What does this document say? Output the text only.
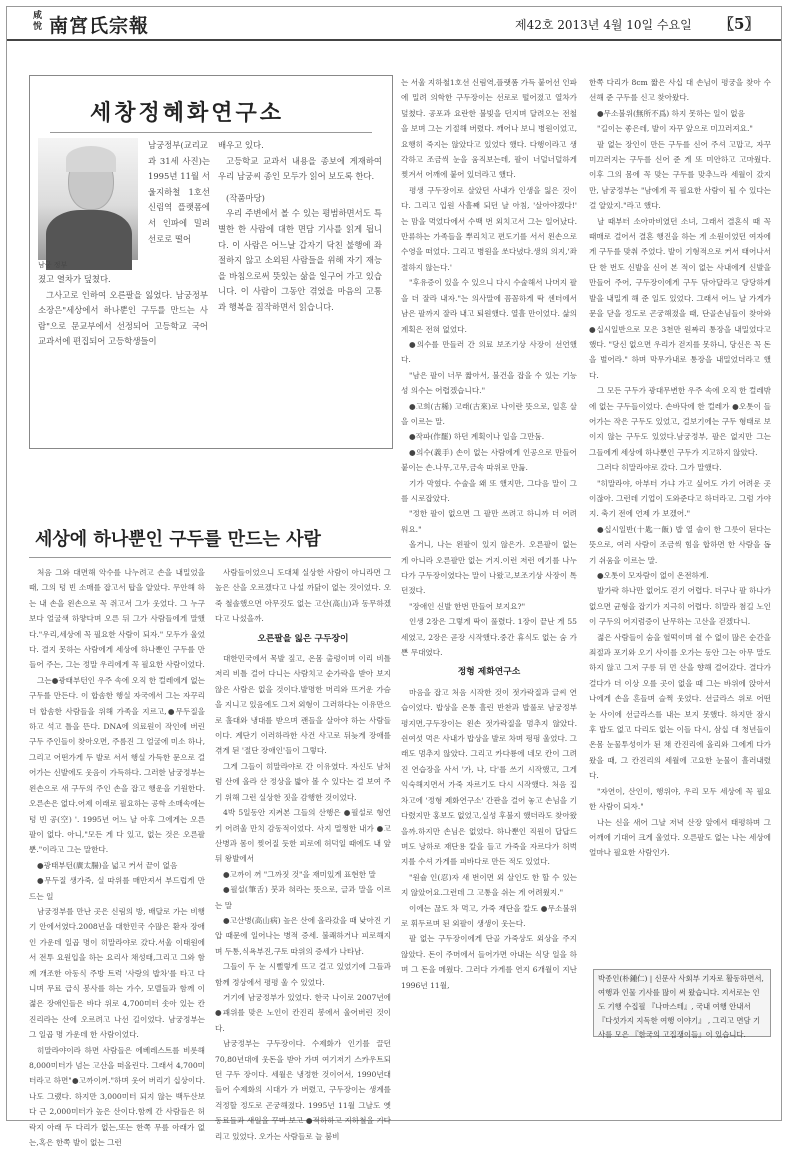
咸悅 南宮氏宗報	제42호 2013년 4월 10일 수요일 〖5〗
세창정혜화연구소
남궁 정부

남궁정부(교리교과 31세 사진)는 1995년 11월 서울지하철 1호선 신림역 플랫폼에서 인파에 밀려 선로로 떨어

졌고 열차가 덮쳤다.

그사고로 인하여 오른팔을 잃었다. 남궁정부 소장은"세상에서 하나뿐인 구두를 만드는 사람"으로 문교부에서 선정되어 고등학교 국어 교과서에 편집되어 고등학생들이

배우고 있다.

고등학교 교과서 내용을 종보에 게재하여 우리 남궁씨 종인 모두가 읽어 보도록 한다.

(작품마당)

우리 주변에서 볼 수 있는 평범하면서도 특별한 한 사람에 대한 면담 기사를 읽게 됩니다. 이 사람은 어느날 갑자기 닥친 불행에 좌절하지 않고 소외된 사람들을 위해 자기 재능을 바침으로써 뜻있는 삶을 일구어 가고 있습니다. 이 사람이 그동안 겪었을 마음의 고통과 행복을 짐작하면서 읽습니다.

세상에 하나뿐인 구두를 만드는 사람

처음 그와 대면해 악수를 나누려고 손을 내밀었을 때, 그의 텅 빈 소매를 잡고서 탑을 알았다. 무안해 하는 내 손을 왼손으로 꼭 쥐고서 그가 웃었다. 그 누구보다 얼굴색 하얗다며 오른 뒤 그가 사람들에게 말했다."우리,세상에 꼭 필요한 사람이 되자." 모두가 울었다. 결지 못하는 사람에게 세상에 하나뿐인 구두를 만들어 주는, 그는 정말 우리에게 꼭 필요한 사람이었다.

그는●광태부턴인 우주 속에 오직 한 컬레에게 없는 구두를 만든다. 이 합솜한 행실 자국에서 그는 자꾸리 더 합솜한 사람들을 위해 가족을 지르고,●무두질을 하고 석고 틀을 뜬다. DNA에 의료원이 작인에 버린 구두 주인들이 찾아오면, 주름진 그 얼굴에 미소 하나, 그리고 어떤가게 두 발로 서서 행실 가득한 문으로 걸어가는 신발에도 웃음이 가득하다. 그러한 남궁정부는 왼손으로 새 구두의 주인 손을 잡고 행운을 기원한다. 오른손은 없다.어제 이래로 필요하는 공학 소매속에는 텅 빈 공(空) '. 1995년 어느 날 아후 그에게는 오른팔이 없다. 아니,"모든 게 다 있고, 없는 것은 오른팔뿐."이라고 그는 말한다.

●광태부턴(廣太腸)을 넓고 커서 끝이 없음

●무두질 생가죽, 실 따위를 매만져서 부드럽게 만드는 일

남궁정부를 만난 곳은 신림의 방, 배달로 가는 비행기 안에서였다.2008년을 대한민국 수많은 환자 장애인 가운데 일곱 명이 히말라야로 갔다.서울 이태원에서 전투 요원입을 하는 요리사 채성태,그리고 그와 함께 개조한 아동식 주방 트럭 '사랑의 밥차'를 타고 다니며 무료 급식 봉사를 하는 가수, 모델들과 함께 이 젊은 장애인들은 바다 위로 4,700미터 솟아 있는 칸진리라는 산에 오르려고 나선 길이었다. 남궁정부는 그 일곱 명 가운데 한 사람이었다.

히말라야이라 하면 사람들은 에베레스트를 비롯해 8,000미터가 넘는 고산을 떠올린다. 그래서 4,700미터라고 하면"●고까이꺼."하며 웃어 버리기 십상이다. 나도 그랬다. 하지만 3,000미터 되지 않는 백두산보다 근 2,000미터가 높은 산이다.함께 간 사람들은 허락지 아래 두 다리가 없는,또는 한쪽 무릎 아래가 없는,혹은 한쪽 발이 없는 그런

사람들이었으니 도대체 실상한 사람이 아니라면 그 높은 산을 오르겠다고 나설 까닭이 없는 것이었다. 오죽 철솔했으면 아무것도 없는 고산(高山)과 동무하겠다고 나섰을까.

오른팔을 잃은 구두장이

대한민국에서 목발 짚고, 온몸 출렁이며 이리 비틀 저리 비틀 걸어 다니는 사람치고 순가락을 받아 보지 않은 사람은 없을 것이다.발명한 머리와 뜨거운 가슴을 지니고 있음에도 그저 외형이 그러하다는 이유만으로 홀대와 냉대를 받으며 괜들을 살아야 하는 사람들이다. 계단기 이러하라한 사건 사고로 뒤늦게 장애를 겪게 된 '절단 장애인'들이 그렇다.

그게 그들이 히말라야로 간 이유였다. 자신도 남처럼 산에 올라 산 정상을 밟아 볼 수 있다는 걸 보여 주기 위해 그런 실상한 짓을 감행한 것이었다.

4박 5일동안 지켜본 그들의 산행은 ●필설로 형언키 어려울 만치 감동적이었다. 사지 멀쩡한 내가 ●고산병과 몸이 찢어질 듯한 피로에 허덕일 때에도 내 앞뒤 왕발에서

●고까이 꺼 "그까짓 것"을 재미있게 표현한 말

●필설(筆舌) 붓과 혀라는 뜻으로, 글과 말을 이르는 말

●고산병(高山病) 높은 산에 올라갔을 때 낮아진 기압 때문에 일어나는 병적 증세. 불쾌하거나 피로해지며 두통,식욕부진,구토 따위의 증세가 나타남.

그들이 두 눈 시뻘렇게 뜨고 걸고 있었기에 그들과 함께 정상에서 평평 울 수 있었다.

거기에 남궁정부가 있었다. 한국 나이로 2007년에 ●괘위를 맞은 노인이 칸진리 봉에서 울어버린 것이다.

남궁정부는 구두장이다. 수제화가 인기를 끌던 70,80년대에 웃돈을 받아 가며 여기저기 스카우트되던 구두 장이다. 세월은 냉정한 것이어서, 1990년대 들어 수제화의 시대가 가 버렸고, 구두장이는 생계를 걱정할 정도로 곤궁해졌다. 1995년 11월 그날도 옛 동료들과 새일을 꾸며 보고 ●적하하고 지하철을 기다리고 있었다. 오가는 사람들로 늘 붐비

는 서울 지하철1호선 신림역,플랫폼 가득 붙어선 인파에 밀려 의학한 구두장이는 선로로 떨어졌고 열차가 덮쳤다. 공포과 요란한 불빛을 던지며 달려오는 전철을 보며 그는 기절해 버렸다. 깨어나 보니 병원이었고, 요행히 죽지는 않았다고 있었다 했다. 다행이라고 생각하고 조금씩 눈을 움직보는데, 팔이 너덜너덜하게 찢겨서 어깨에 붙어 있더라고 했다.

평생 구두장이로 살았던 사내가 인생을 잃은 것이다. 그리고 입원 사흘째 되던 날 아침, '살아야겠다!' 는 맘을 먹었다에서 수백 번 외치고서 그는 일어났다. 만류하는 가족들을 뿌리치고 편도기를 서서 왼손으로 수영을 떠었다. 그리고 병원을 쏘다녔다.생의 의지,'좌절하지 않는다.'

"후유증이 있을 수 있으니 다시 수술해서 나머지 팔을 더 잘라 내자."는 의사말에 꼼꼼하게 딱 센터에서 남은 팔까지 잘라 내고 퇴원했다. 열흘 만이었다. 삶의 계획은 전혀 없었다.

●의수를 만들러 간 의료 보조기상 사장이 선언했다.

"남은 팔이 너무 짧아서, 불건을 잡을 수 있는 기능성 의수는 어렵겠습니다."

●고희(古稀) 고래(古來)로 나이란 뜻으로, 일흔 살을 이르는 말.

●작파(作罷) 하던 계획이나 일을 그만둠.

●의수(義手) 손이 없는 사람에게 인공으로 만들어 붙이는 손.나무,고무,금속 따위로 만듦.

기가 막혔다. 수술을 왜 또 했지만, 그다음 말이 그를 시로잡았다.

"정한 팔이 없으면 그 팔만 쓰려고 하니까 더 어려워요."

올거니, 나는 왼팔이 있지 않은가. 오른팔이 없는 게 아니라 오른팔만 없는 거지.이런 저런 에기를 나누다가 구두장이였다는 말이 나왔고,보조기상 사장이 톡 던졌다.

"장애인 신발 한번 만들어 보지요?"

인생 2장은 그렇게 딱이 풀렸다. 1장이 끝난 게 55세였고, 2장은 곧장 시작했다.중간 휴식도 없는 숨 가쁜 무대였다.

정형 제화연구소

마음을 잡고 처음 시작한 것이 젓가락질과 글씨 연습이었다. 밥상을 온통 흘린 반찬과 밥풀로 남궁정부 평지면,구두장이는 왼손 젓가락질을 멈추지 않았다. 쉰여섯 먹은 사내가 밥상을 발로 차며 펑펑 울었다. 그래도 멈추지 않았다. 그리고 카다룡에 네모 칸이 그려진 연습장을 사서 '가, 나, 다'를 쓰기 시작했고, 그게 익숙해지면서 가죽 자르기도 다시 시작했다. 처음 집 차고에 '정형 제화연구소' 간판을 걸어 놓고 손님을 기다렸지만 홍보도 없었고,실성 후불지 했더라도 찾아왔을까.하지만 손님은 없었다. 하나뿐인 직원이 답답드며도 낭하로 재단용 칼을 들고 가죽을 자르다가 허벅지를 수셔 가게를 피바다로 만든 적도 있었다.

"원슐 인(忍)자 새 번이면 외 살인도 한 할 수 있는지 않았어요.그런데 그 고통을 쉬는 게 어려웠지."

이에는 끊도 차 먹고, 가죽 재단을 칼도 ●무소불위로 휘두르며 된 외팔이 생생이 웃는다.

팔 없는 구두장이에게 단골 가죽상도 외상을 주지 않았다. 돈이 주머에서 들어가면 아내는 식당 일을 하며 그 돈을 메웠다. 그러다 가게를 연지 6개월이 지난 1996년 11월,

한쪽 다리가 8cm 짧은 사십 대 손님이 평궁을 찾아 수선해 준 구두를 신고 찾아왔다.

●무소불위(無所不爲) 하지 못하는 일이 없음

"길이는 좋은데, 발이 자꾸 앞으로 미끄러져요."

팔 없는 장인이 만든 구두를 신어 주셔 고맙고, 자꾸 미끄러지는 구두를 신어 준 게 또 미안하고 고마웠다. 이후 그의 몸에 꼭 맞는 구두를 맞추느라 세월이 갔지만, 남궁정부는 "남에게 꼭 필요한 사람이 될 수 있다는 걸 알았지."라고 했다.

날 때부터 소아마비였던 소녀, 그래서 결혼식 때 꼭 때매로 걸어서 결혼 행진을 하는 게 소원이었던 여자에게 구두를 맞춰 주었다. 발이 기형적으로 커서 태어나서 단 한 번도 신발을 신어 본 적이 없는 사내에게 신발을 만들어 주어, 구두장이에게 구두 닦아달라고 당당하게 발을 내밀게 해 준 일도 있었다. 그래서 어느 날 가게가 문을 닫을 정도로 곤궁해졌을 때, 단골손님들이 찾아와 ●십시일반으로 모은 3천만 원짜리 통장을 내밀었다고 했다. "당신 없으면 우리가 걷지를 못하니, 당신은 꼭 돈을 벌어라." 하며 막무가내로 통장을 내밀었더라고 했다.

그 모든 구두가 광대무변한 우주 속에 오직 한 컬레밖에 없는 구두들이었다. 손바닥에 한 컬레가 ●오톳이 들어가는 작은 구두도 있었고, 걸보기에는 구두 형태로 보이지 않는 구두도 있었다.남궁정부, 팔은 없지만 그는 그들에게 세상에 하나뿐인 구두가 지고하지 않았다.

그러다 히말라야로 갔다. 그가 말했다.

"히말라야, 아부터 가냐 가고 싶어도 가기 어려운 곳이잖아. 그런데 기업이 도와준다고 하더라고. 그럼 가야지. 축기 전에 언제 가 보겠어."

●십시일반(十匙一飯) 밥 열 술이 한 그릇이 된다는 뜻으로, 여러 사람이 조금씩 힘을 합하면 한 사람을 돕기 쉬움을 이르는 말.

●오톳이 모자람이 없이 온전하게.

발가락 하나만 없어도 걷기 어렵다. 더구나 팔 하나가 없으면 균형을 잡기가 지극히 어렵다. 히말라 첨길 노인이 구두의 어지럼증이 난무하는 고산을 걷겠다니.

젊은 사람들이 숨을 헐떡이며 쉴 수 없이 많은 순간을 죄절과 포기와 오기 사이를 오가는 동안 그는 아무 말도 하지 않고 그저 구릉 뒤 먼 산을 향해 걸어갔다. 결다가 걸다가 더 이상 오를 곳이 없을 때 그는 바위에 앉아서 나에게 손을 흔들며 슬쩍 웃었다. 선글라스 위로 어떤 눈 사이에 선글라스를 내는 보지 못했다. 하지만 잠시 후 밥도 없고 다리도 없는 이들 다시, 삼십 대 청년들이 온몸 눈물투성이가 된 채 칸진리에 올리와 그에게 다가왔을 때, 그 칸진리의 세월에 고요한 눈물이 흘러내렸다.

"자연이, 산인이, 행위야, 우리 모두 세상에 꼭 필요한 사람이 되자."

나는 신을 새어 그날 저녁 산장 앞에서 태평하며 그 어깨에 기대어 크게 울었다. 오른팔도 없는 나는 세상에 얼마나 필요한 사람인가.

박종인(朴鍾仁) | 신문사 사회부 기자로 활동하면서, 여행과 인물 기사를 많이 써 왔습니다. 지서로는 인도 기행 수집필 『나마스테』, 국내 여행 안내서 『다섯가지 지독한 여행 이야기』 , 그리고 면담 기사를 모은 『한국의 고집쟁이들』이 있습니다.
